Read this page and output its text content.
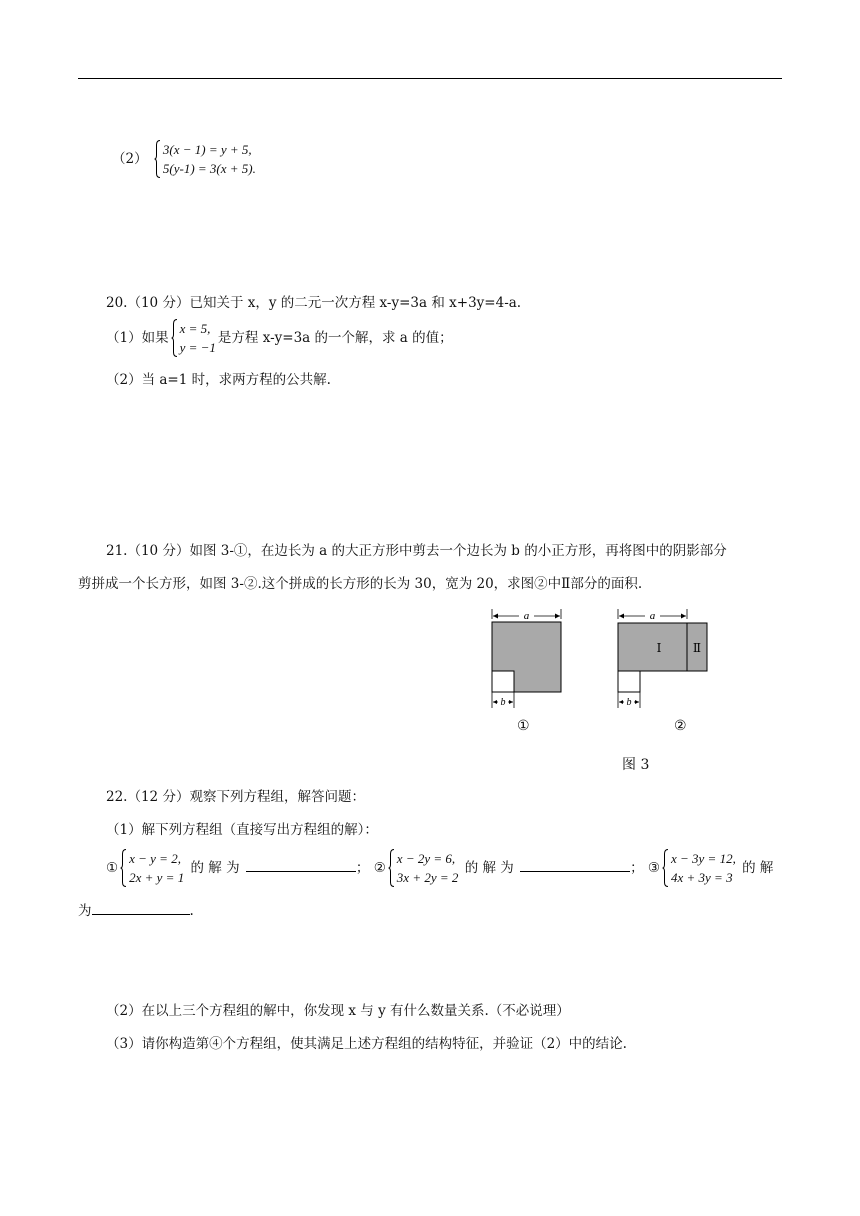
（2）
3(x − 1) = y + 5,
5(y-1) = 3(x + 5).
20.（10 分）已知关于 x，y 的二元一次方程 x-y=3a 和 x+3y=4-a.
（1）如果
x = 5,
y = −1
是方程 x-y=3a 的一个解，求 a 的值；
（2）当 a=1 时，求两方程的公共解.
21.（10 分）如图 3-①，在边长为 a 的大正方形中剪去一个边长为 b 的小正方形，再将图中的阴影部分
剪拼成一个长方形，如图 3-②.这个拼成的长方形的长为 30，宽为 20，求图②中Ⅱ部分的面积.
a
b
a
Ⅰ	Ⅱ
b
①	②
图 3
22.（12 分）观察下列方程组，解答问题：
（1）解下列方程组（直接写出方程组的解）：
①
x − y = 2,
2x + y = 1
的 解 为	； ②
x − 2y = 6,
3x + 2y = 2
的 解 为	； ③
x − 3y = 12,
4x + 3y = 3
的 解
为	.
（2）在以上三个方程组的解中，你发现 x 与 y 有什么数量关系.（不必说理）
（3）请你构造第④个方程组，使其满足上述方程组的结构特征，并验证（2）中的结论.
